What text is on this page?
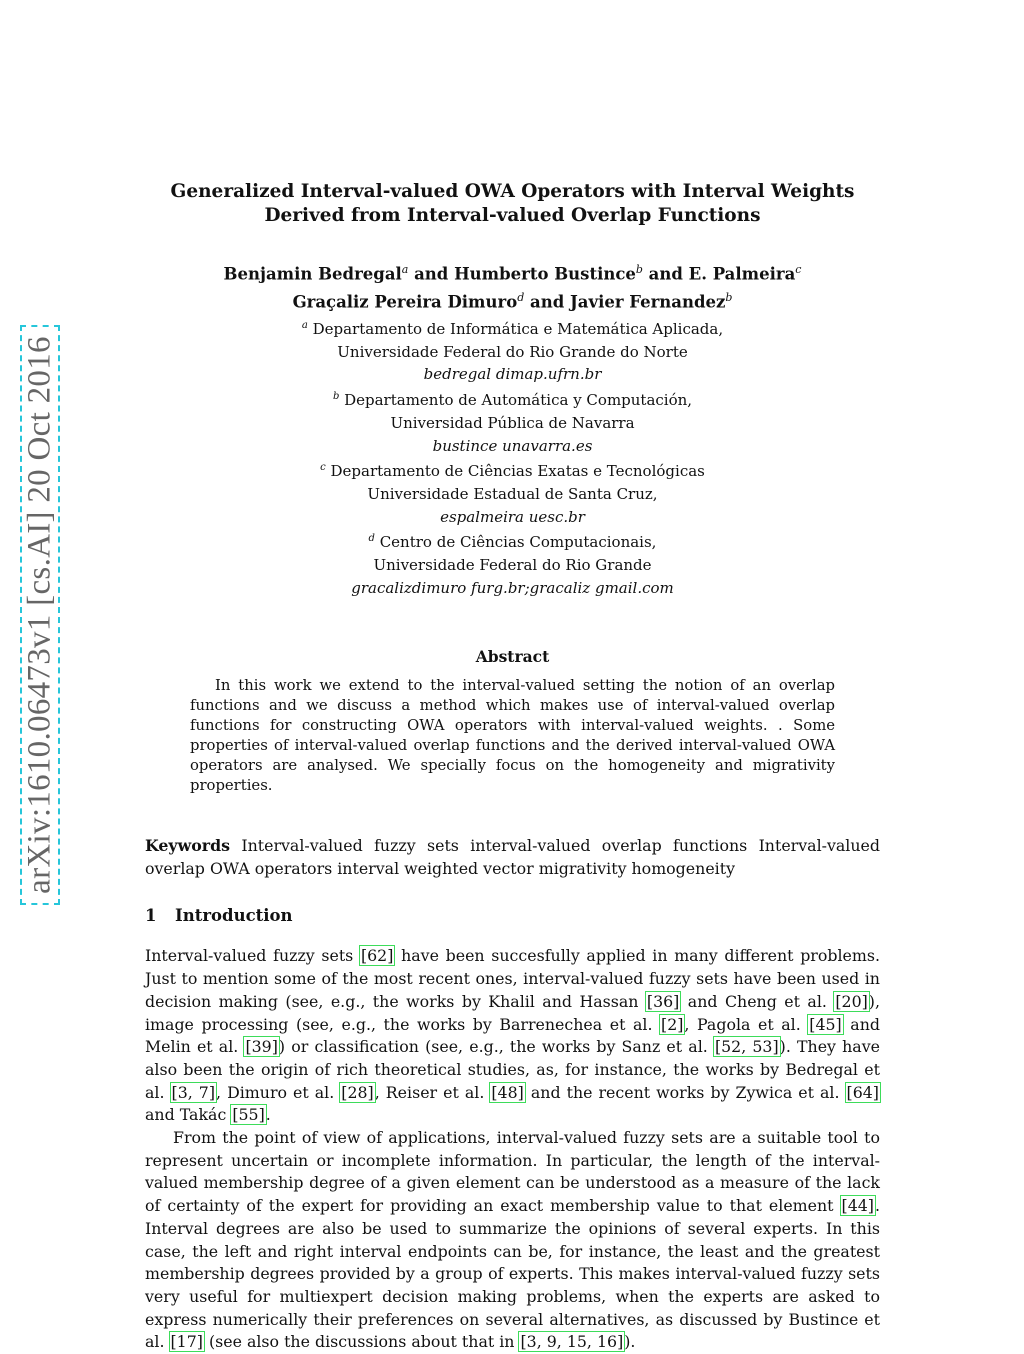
arXiv:1610.06473v1 [cs.AI] 20 Oct 2016
Generalized Interval-valued OWA Operators with Interval Weights
Derived from Interval-valued Overlap Functions
Benjamin Bedregal$^a$ and Humberto Bustince$^b$ and E. Palmeira$^c$
Graçaliz Pereira Dimuro$^d$ and Javier Fernandez$^b$
$^a$ Departamento de Informática e Matemática Aplicada,
Universidade Federal do Rio Grande do Norte
bedregal dimap.ufrn.br
$^b$ Departamento de Automática y Computación,
Universidad Pública de Navarra
bustince unavarra.es
$^c$ Departamento de Ciências Exatas e Tecnológicas
Universidade Estadual de Santa Cruz,
espalmeira uesc.br
$^d$ Centro de Ciências Computacionais,
Universidade Federal do Rio Grande
gracalizdimuro furg.br;gracaliz gmail.com
Abstract

In this work we extend to the interval-valued setting the notion of an overlap functions and we discuss a method which makes use of interval-valued overlap functions for constructing OWA operators with interval-valued weights. . Some properties of interval-valued overlap functions and the derived interval-valued OWA operators are analysed. We specially focus on the homogeneity and migrativity properties.

Keywords Interval-valued fuzzy sets interval-valued overlap functions Interval-valued overlap OWA operators interval weighted vector migrativity homogeneity

1 Introduction

Interval-valued fuzzy sets [62] have been succesfully applied in many different problems. Just to mention some of the most recent ones, interval-valued fuzzy sets have been used in decision making (see, e.g., the works by Khalil and Hassan [36] and Cheng et al. [20]), image processing (see, e.g., the works by Barrenechea et al. [2], Pagola et al. [45] and Melin et al. [39]) or classification (see, e.g., the works by Sanz et al. [52, 53]). They have also been the origin of rich theoretical studies, as, for instance, the works by Bedregal et al. [3, 7], Dimuro et al. [28], Reiser et al. [48] and the recent works by Zywica et al. [64] and Takác [55].

From the point of view of applications, interval-valued fuzzy sets are a suitable tool to represent uncertain or incomplete information. In particular, the length of the interval-valued membership degree of a given element can be understood as a measure of the lack of certainty of the expert for providing an exact membership value to that element [44]. Interval degrees are also be used to summarize the opinions of several experts. In this case, the left and right interval endpoints can be, for instance, the least and the greatest membership degrees provided by a group of experts. This makes interval-valued fuzzy sets very useful for multiexpert decision making problems, when the experts are asked to express numerically their preferences on several alternatives, as discussed by Bustince et al. [17] (see also the discussions about that in [3, 9, 15, 16]).
